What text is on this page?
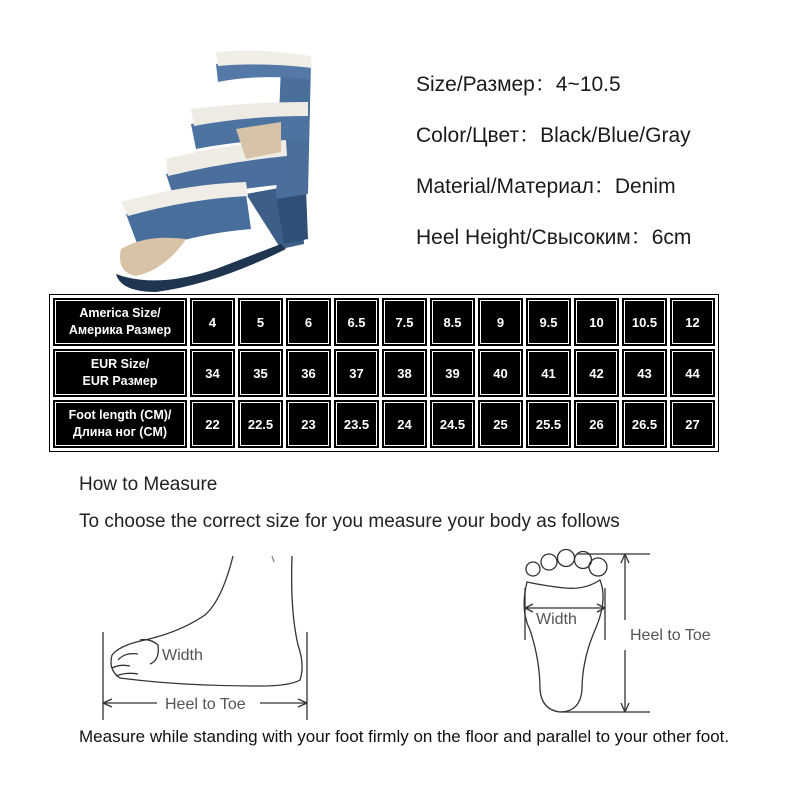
Size/Размер：4~10.5
Color/Цвет：Black/Blue/Gray
Material/Материал：Denim
Heel Height/Свысоким：6cm
America Size/
Америка Размер	4	5	6	6.5	7.5	8.5	9	9.5	10	10.5	12

EUR Size/
EUR Размер	34	35	36	37	38	39	40	41	42	43	44

Foot length (CM)/
Длина ног (CM)	22	22.5	23	23.5	24	24.5	25	25.5	26	26.5	27
How to Measure
To choose the correct size for you measure your body as follows
Width
Heel to Toe
Width
Heel to Toe
Measure while standing with your foot firmly on the floor and parallel to your other foot.
